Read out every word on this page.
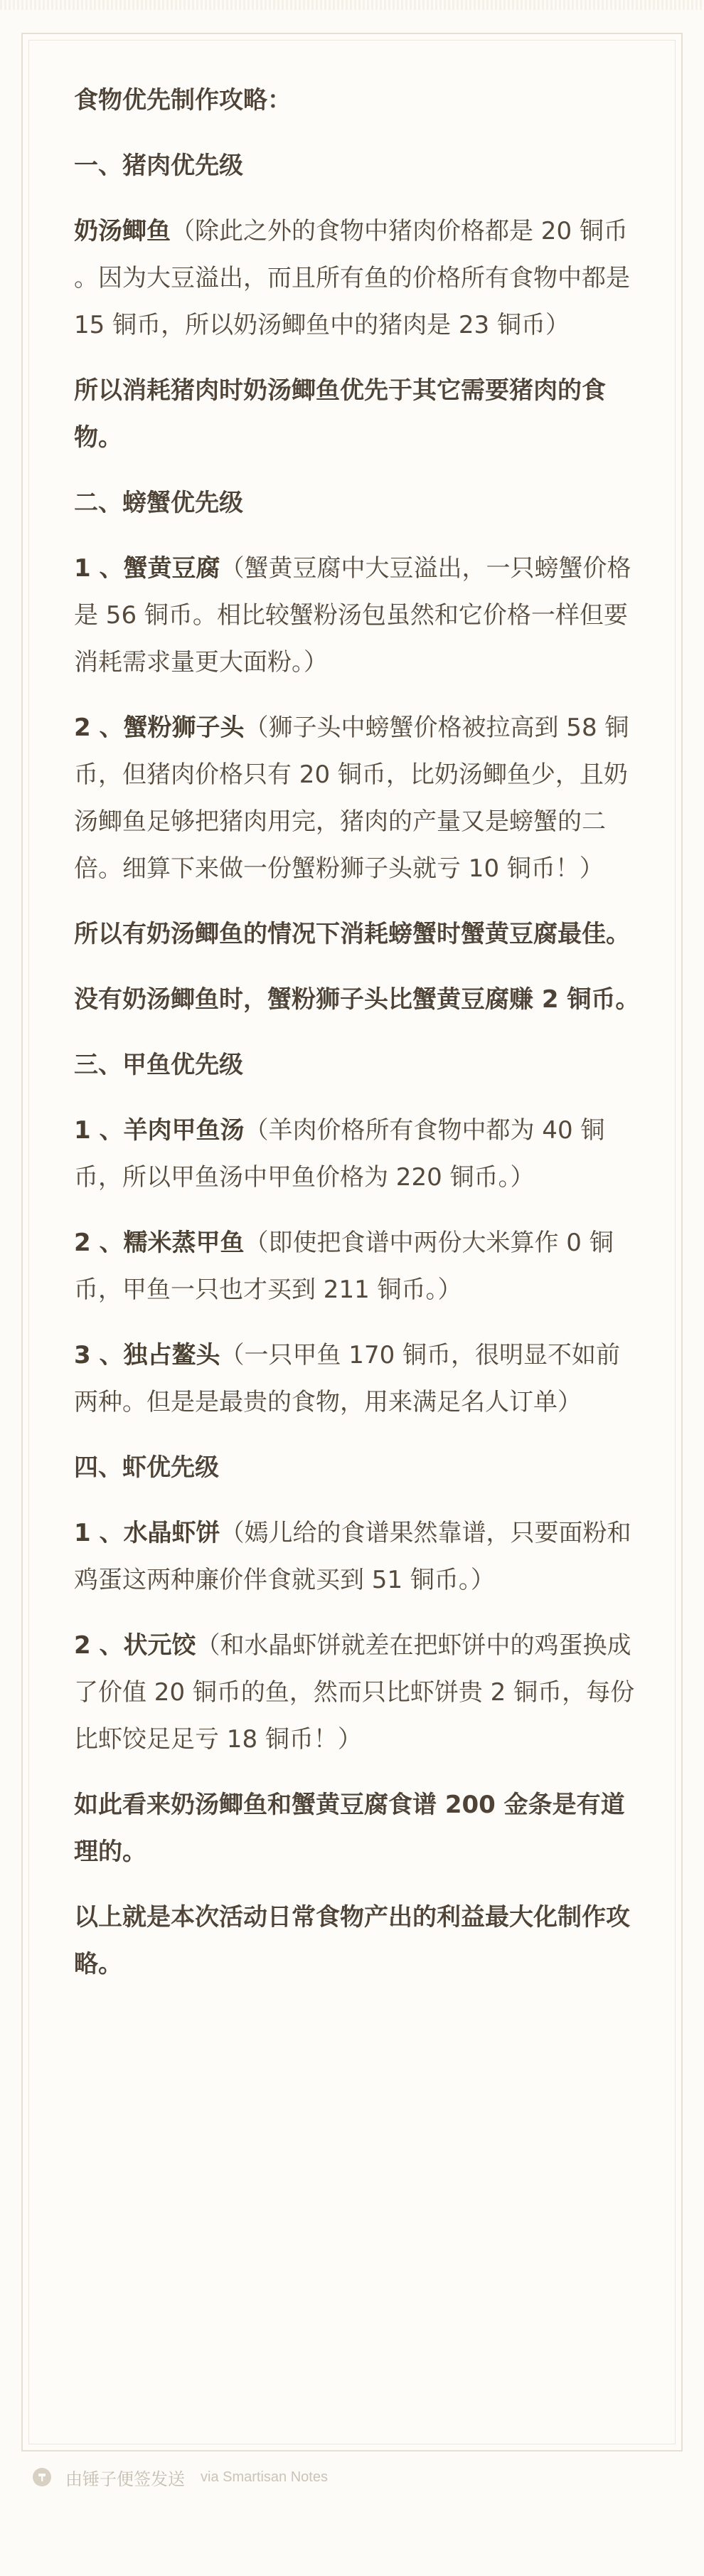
食物优先制作攻略：

一、猪肉优先级

奶汤鲫鱼（除此之外的食物中猪肉价格都是 20 铜币 。因为大豆溢出，而且所有鱼的价格所有食物中都是 15 铜币，所以奶汤鲫鱼中的猪肉是 23 铜币）

所以消耗猪肉时奶汤鲫鱼优先于其它需要猪肉的食物。

二、螃蟹优先级

1 、蟹黄豆腐（蟹黄豆腐中大豆溢出，一只螃蟹价格是 56 铜币。相比较蟹粉汤包虽然和它价格一样但要消耗需求量更大面粉。）

2 、蟹粉狮子头（狮子头中螃蟹价格被拉高到 58 铜币，但猪肉价格只有 20 铜币，比奶汤鲫鱼少，且奶汤鲫鱼足够把猪肉用完，猪肉的产量又是螃蟹的二倍。细算下来做一份蟹粉狮子头就亏 10 铜币！）

所以有奶汤鲫鱼的情况下消耗螃蟹时蟹黄豆腐最佳。

没有奶汤鲫鱼时，蟹粉狮子头比蟹黄豆腐赚 2 铜币。

三、甲鱼优先级

1 、羊肉甲鱼汤（羊肉价格所有食物中都为 40 铜币，所以甲鱼汤中甲鱼价格为 220 铜币。）

2 、糯米蒸甲鱼（即使把食谱中两份大米算作 0 铜币，甲鱼一只也才买到 211 铜币。）

3 、独占鳌头（一只甲鱼 170 铜币，很明显不如前两种。但是是最贵的食物，用来满足名人订单）

四、虾优先级

1 、水晶虾饼（嫣儿给的食谱果然靠谱，只要面粉和鸡蛋这两种廉价伴食就买到 51 铜币。）

2 、状元饺（和水晶虾饼就差在把虾饼中的鸡蛋换成了价值 20 铜币的鱼，然而只比虾饼贵 2 铜币，每份比虾饺足足亏 18 铜币！）

如此看来奶汤鲫鱼和蟹黄豆腐食谱 200 金条是有道理的。

以上就是本次活动日常食物产出的利益最大化制作攻略。

由锤子便签发送 via Smartisan Notes
